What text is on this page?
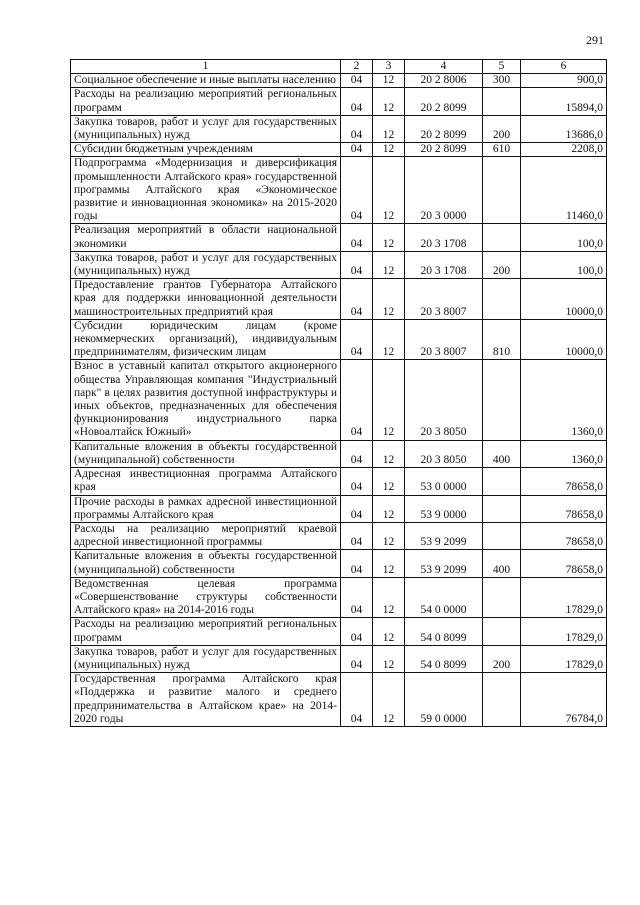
291
1	2	3	4	5	6
Социальное обеспечение и иные выплаты населению	04	12	20 2 8006	300	900,0
Расходы на реализацию мероприятий региональных программ	04	12	20 2 8099		15894,0
Закупка товаров, работ и услуг для государственных (муниципальных) нужд	04	12	20 2 8099	200	13686,0
Субсидии бюджетным учреждениям	04	12	20 2 8099	610	2208,0
Подпрограмма «Модернизация и диверсификация промышленности Алтайского края» государственной программы Алтайского края «Экономическое развитие и инновационная экономика» на 2015-2020 годы	04	12	20 3 0000		11460,0
Реализация мероприятий в области национальной экономики	04	12	20 3 1708		100,0
Закупка товаров, работ и услуг для государственных (муниципальных) нужд	04	12	20 3 1708	200	100,0
Предоставление грантов Губернатора Алтайского края для поддержки инновационной деятельности машиностроительных предприятий края	04	12	20 3 8007		10000,0
Субсидии юридическим лицам (кроме некоммерческих организаций), индивидуальным предпринимателям, физическим лицам	04	12	20 3 8007	810	10000,0
Взнос в уставный капитал открытого акционерного общества Управляющая компания "Индустриальный парк" в целях развития доступной инфраструктуры и иных объектов, предназначенных для обеспечения функционирования индустриального парка «Новоалтайск Южный»	04	12	20 3 8050		1360,0
Капитальные вложения в объекты государственной (муниципальной) собственности	04	12	20 3 8050	400	1360,0
Адресная инвестиционная программа Алтайского края	04	12	53 0 0000		78658,0
Прочие расходы в рамках адресной инвестиционной программы Алтайского края	04	12	53 9 0000		78658,0
Расходы на реализацию мероприятий краевой адресной инвестиционной программы	04	12	53 9 2099		78658,0
Капитальные вложения в объекты государственной (муниципальной) собственности	04	12	53 9 2099	400	78658,0
Ведомственная целевая программа «Совершенствование структуры собственности Алтайского края» на 2014-2016 годы	04	12	54 0 0000		17829,0
Расходы на реализацию мероприятий региональных программ	04	12	54 0 8099		17829,0
Закупка товаров, работ и услуг для государственных (муниципальных) нужд	04	12	54 0 8099	200	17829,0
Государственная программа Алтайского края «Поддержка и развитие малого и среднего предпринимательства в Алтайском крае» на 2014-2020 годы	04	12	59 0 0000		76784,0
